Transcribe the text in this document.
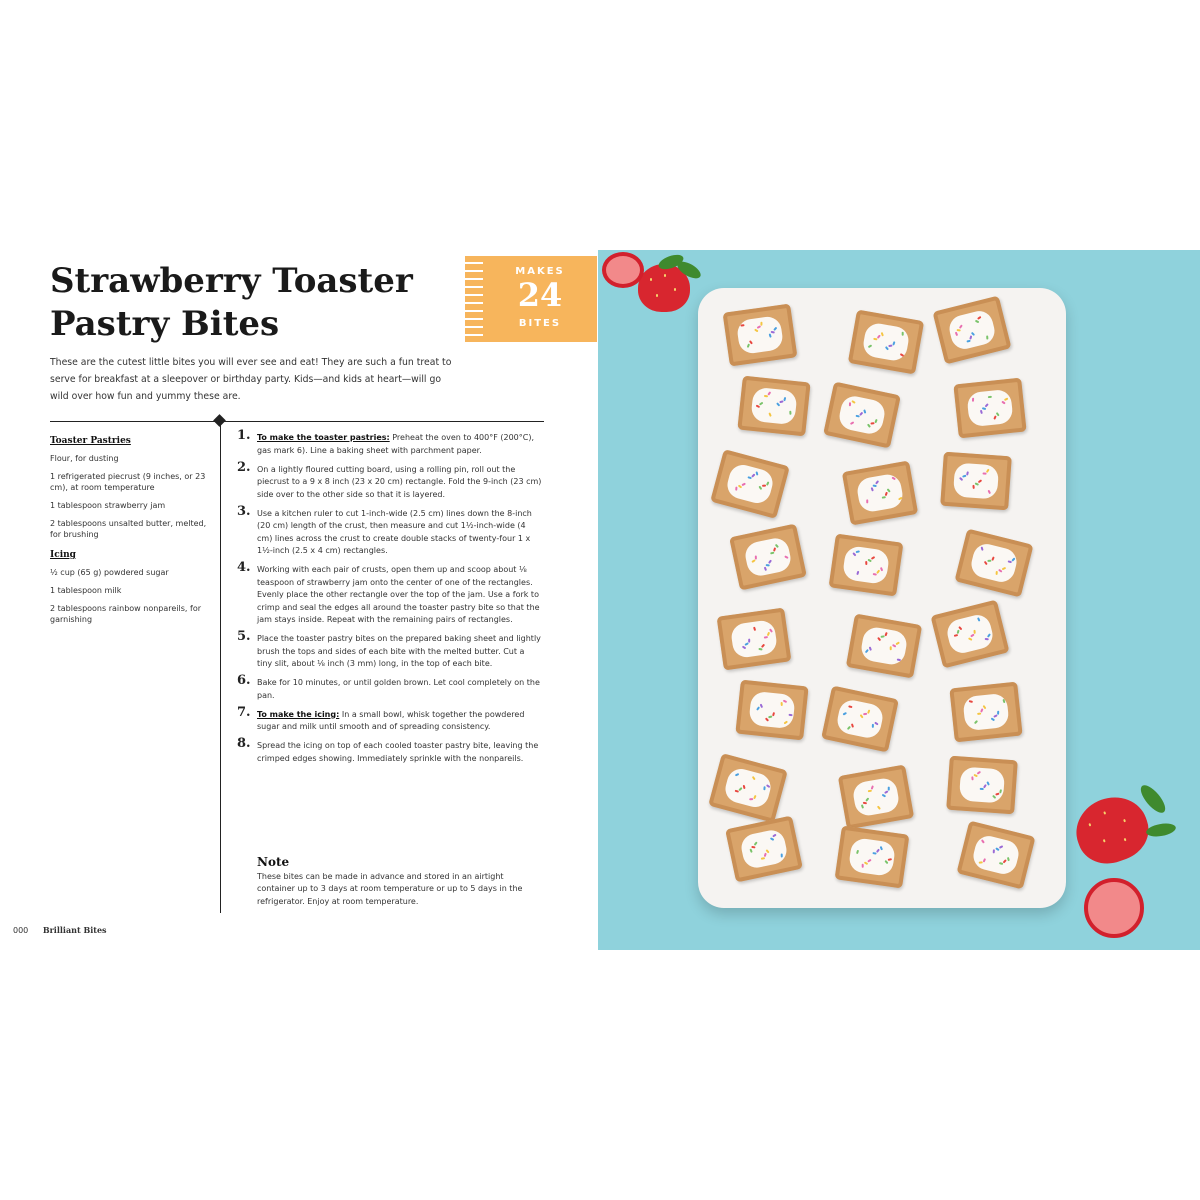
Strawberry Toaster
Pastry Bites
MAKES
24
BITES

These are the cutest little bites you will ever see and eat! They are such a fun treat to serve for breakfast at a sleepover or birthday party. Kids—and kids at heart—will go wild over how fun and yummy these are.

Toaster Pastries

Flour, for dusting

1 refrigerated piecrust (9 inches, or 23 cm), at room temperature

1 tablespoon strawberry jam

2 tablespoons unsalted butter, melted, for brushing

Icing

½ cup (65 g) powdered sugar

1 tablespoon milk

2 tablespoons rainbow nonpareils, for garnishing

1. To make the toaster pastries: Preheat the oven to 400°F (200°C), gas mark 6). Line a baking sheet with parchment paper.
2. On a lightly floured cutting board, using a rolling pin, roll out the piecrust to a 9 x 8 inch (23 x 20 cm) rectangle. Fold the 9-inch (23 cm) side over to the other side so that it is layered.
3. Use a kitchen ruler to cut 1-inch-wide (2.5 cm) lines down the 8-inch (20 cm) length of the crust, then measure and cut 1½-inch-wide (4 cm) lines across the crust to create double stacks of twenty-four 1 x 1½-inch (2.5 x 4 cm) rectangles.
4. Working with each pair of crusts, open them up and scoop about ⅛ teaspoon of strawberry jam onto the center of one of the rectangles. Evenly place the other rectangle over the top of the jam. Use a fork to crimp and seal the edges all around the toaster pastry bite so that the jam stays inside. Repeat with the remaining pairs of rectangles.
5. Place the toaster pastry bites on the prepared baking sheet and lightly brush the tops and sides of each bite with the melted butter. Cut a tiny slit, about ⅛ inch (3 mm) long, in the top of each bite.
6. Bake for 10 minutes, or until golden brown. Let cool completely on the pan.
7. To make the icing: In a small bowl, whisk together the powdered sugar and milk until smooth and of spreading consistency.
8. Spread the icing on top of each cooled toaster pastry bite, leaving the crimped edges showing. Immediately sprinkle with the nonpareils.
Note

These bites can be made in advance and stored in an airtight container up to 3 days at room temperature or up to 5 days in the refrigerator. Enjoy at room temperature.

000 Brilliant Bites
